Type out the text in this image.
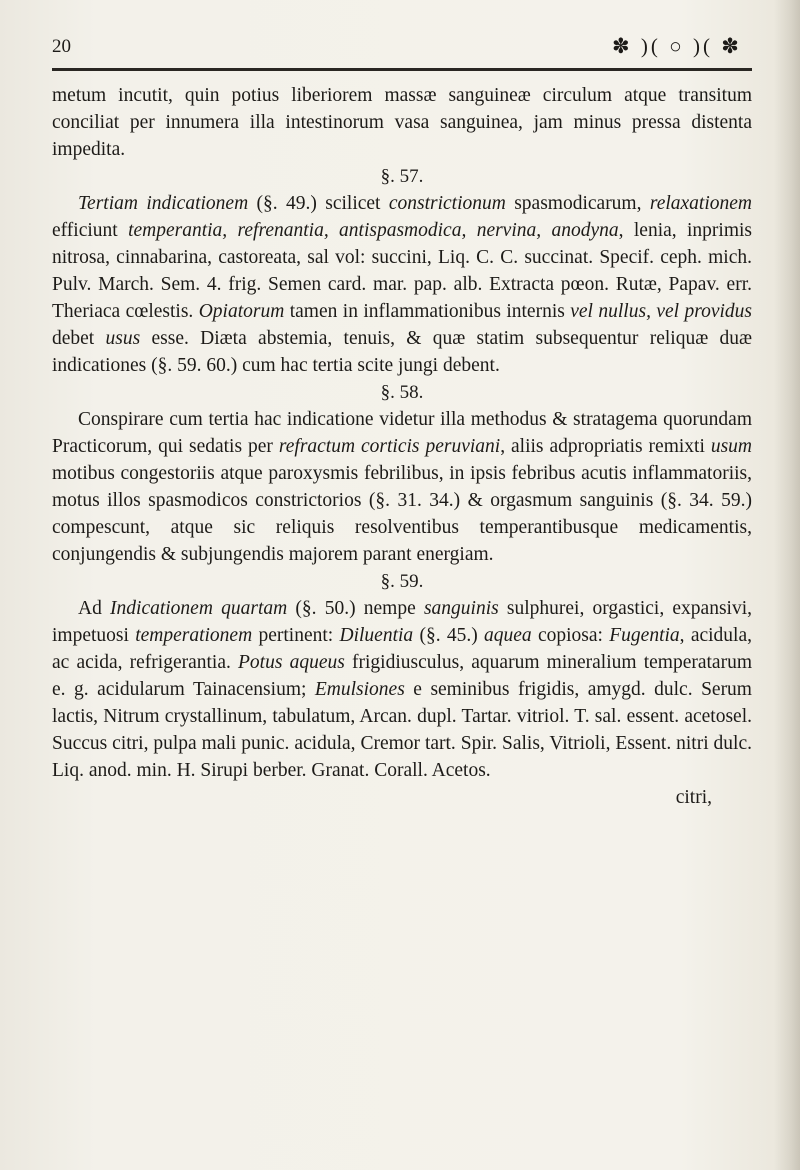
20	✽ )( ○ )( ✽

metum incutit, quin potius liberiorem massæ sanguineæ circulum atque transitum conciliat per innumera illa intestinorum vasa sanguinea, jam minus pressa distenta impedita.

§. 57.

Tertiam indicationem (§. 49.) scilicet constrictionum spasmodicarum, relaxationem efficiunt temperantia, refrenantia, antispasmodica, nervina, anodyna, lenia, inprimis nitrosa, cinnabarina, castoreata, sal vol: succini, Liq. C. C. succinat. Specif. ceph. mich. Pulv. March. Sem. 4. frig. Semen card. mar. pap. alb. Extracta pœon. Rutæ, Papav. err. Theriaca cœlestis. Opiatorum tamen in inflammationibus internis vel nullus, vel providus debet usus esse. Diæta abstemia, tenuis, & quæ statim subsequentur reliquæ duæ indicationes (§. 59. 60.) cum hac tertia scite jungi debent.

§. 58.

Conspirare cum tertia hac indicatione videtur illa methodus & stratagema quorundam Practicorum, qui sedatis per refractum corticis peruviani, aliis adpropriatis remixti usum motibus congestoriis atque paroxysmis febrilibus, in ipsis febribus acutis inflammatoriis, motus illos spasmodicos constrictorios (§. 31. 34.) & orgasmum sanguinis (§. 34. 59.) compescunt, atque sic reliquis resolventibus temperantibusque medicamentis, conjungendis & subjungendis majorem parant energiam.

§. 59.

Ad Indicationem quartam (§. 50.) nempe sanguinis sulphurei, orgastici, expansivi, impetuosi temperationem pertinent: Diluentia (§. 45.) aquea copiosa: Fugentia, acidula, ac acida, refrigerantia. Potus aqueus frigidiusculus, aquarum mineralium temperatarum e. g. acidularum Tainacensium; Emulsiones e seminibus frigidis, amygd. dulc. Serum lactis, Nitrum crystallinum, tabulatum, Arcan. dupl. Tartar. vitriol. T. sal. essent. acetosel. Succus citri, pulpa mali punic. acidula, Cremor tart. Spir. Salis, Vitrioli, Essent. nitri dulc. Liq. anod. min. H. Sirupi berber. Granat. Corall. Acetos.

citri,
